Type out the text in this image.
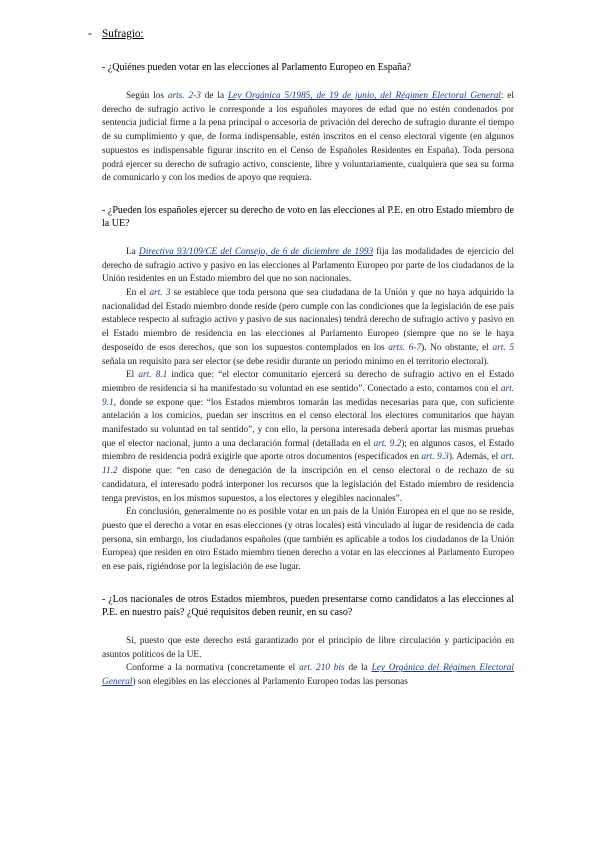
- Sufragio:

- ¿Quiénes pueden votar en las elecciones al Parlamento Europeo en España?

Según los arts. 2-3 de la Ley Orgánica 5/1985, de 19 de junio, del Régimen Electoral General: el derecho de sufragio activo le corresponde a los españoles mayores de edad que no estén condenados por sentencia judicial firme a la pena principal o accesoria de privación del derecho de sufragio durante el tiempo de su cumplimiento y que, de forma indispensable, estén inscritos en el censo electoral vigente (en algunos supuestos es indispensable figurar inscrito en el Censo de Españoles Residentes en España). Toda persona podrá ejercer su derecho de sufragio activo, consciente, libre y voluntariamente, cualquiera que sea su forma de comunicarlo y con los medios de apoyo que requiera.

- ¿Pueden los españoles ejercer su derecho de voto en las elecciones al P.E. en otro Estado miembro de la UE?

La Directiva 93/109/CE del Consejo, de 6 de diciembre de 1993 fija las modalidades de ejercicio del derecho de sufragio activo y pasivo en las elecciones al Parlamento Europeo por parte de los ciudadanos de la Unión residentes en un Estado miembro del que no son nacionales.

En el art. 3 se establece que toda persona que sea ciudadana de la Unión y que no haya adquirido la nacionalidad del Estado miembro donde reside (pero cumple con las condiciones que la legislación de ese país establece respecto al sufragio activo y pasivo de sus nacionales) tendrá derecho de sufragio activo y pasivo en el Estado miembro de residencia en las elecciones al Parlamento Europeo (siempre que no se le haya desposeído de esos derechos, que son los supuestos contemplados en los arts. 6-7). No obstante, el art. 5 señala un requisito para ser elector (se debe residir durante un periodo mínimo en el territorio electoral).

El art. 8.1 indica que: “el elector comunitario ejercerá su derecho de sufragio activo en el Estado miembro de residencia si ha manifestado su voluntad en ese sentido”. Conectado a esto, contamos con el art. 9.1, donde se expone que: “los Estados miembros tomarán las medidas necesarias para que, con suficiente antelación a los comicios, puedan ser inscritos en el censo electoral los electores comunitarios que hayan manifestado su voluntad en tal sentido”, y con ello, la persona interesada deberá aportar las mismas pruebas que el elector nacional, junto a una declaración formal (detallada en el art. 9.2); en algunos casos, el Estado miembro de residencia podrá exigirle que aporte otros documentos (especificados en art. 9.3). Además, el art. 11.2 dispone que: “en caso de denegación de la inscripción en el censo electoral o de rechazo de su candidatura, el interesado podrá interponer los recursos que la legislación del Estado miembro de residencia tenga previstos, en los mismos supuestos, a los electores y elegibles nacionales”.

En conclusión, generalmente no es posible votar en un país de la Unión Europea en el que no se reside, puesto que el derecho a votar en esas elecciones (y otras locales) está vinculado al lugar de residencia de cada persona, sin embargo, los ciudadanos españoles (que también es aplicable a todos los ciudadanos de la Unión Europea) que residen en otro Estado miembro tienen derecho a votar en las elecciones al Parlamento Europeo en ese país, rigiéndose por la legislación de ese lugar.

- ¿Los nacionales de otros Estados miembros, pueden presentarse como candidatos a las elecciones al P.E. en nuestro país? ¿Qué requisitos deben reunir, en su caso?

Sí, puesto que este derecho está garantizado por el principio de libre circulación y participación en asuntos políticos de la UE.

Conforme a la normativa (concretamente el art. 210 bis de la Ley Orgánica del Régimen Electoral General) son elegibles en las elecciones al Parlamento Europeo todas las personas
